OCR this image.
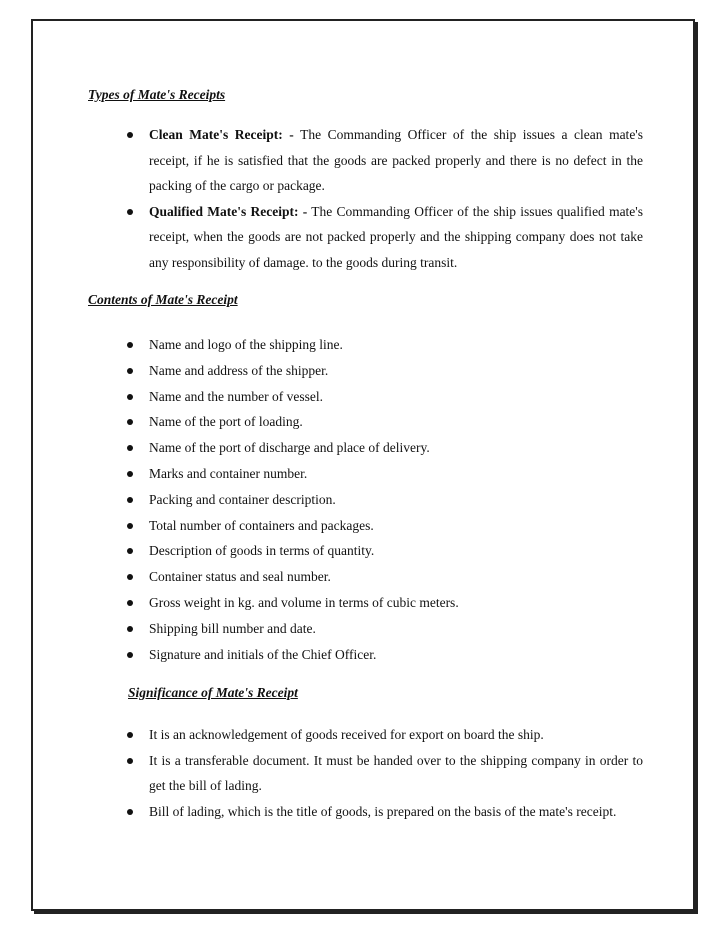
Types of Mate's Receipts
Clean Mate's Receipt: - The Commanding Officer of the ship issues a clean mate's receipt, if he is satisfied that the goods are packed properly and there is no defect in the packing of the cargo or package.
Qualified Mate's Receipt: - The Commanding Officer of the ship issues qualified mate's receipt, when the goods are not packed properly and the shipping company does not take any responsibility of damage. to the goods during transit.
Contents of Mate's Receipt
Name and logo of the shipping line.
Name and address of the shipper.
Name and the number of vessel.
Name of the port of loading.
Name of the port of discharge and place of delivery.
Marks and container number.
Packing and container description.
Total number of containers and packages.
Description of goods in terms of quantity.
Container status and seal number.
Gross weight in kg. and volume in terms of cubic meters.
Shipping bill number and date.
Signature and initials of the Chief Officer.
Significance of Mate's Receipt
It is an acknowledgement of goods received for export on board the ship.
It is a transferable document. It must be handed over to the shipping company in order to get the bill of lading.
Bill of lading, which is the title of goods, is prepared on the basis of the mate's receipt.
